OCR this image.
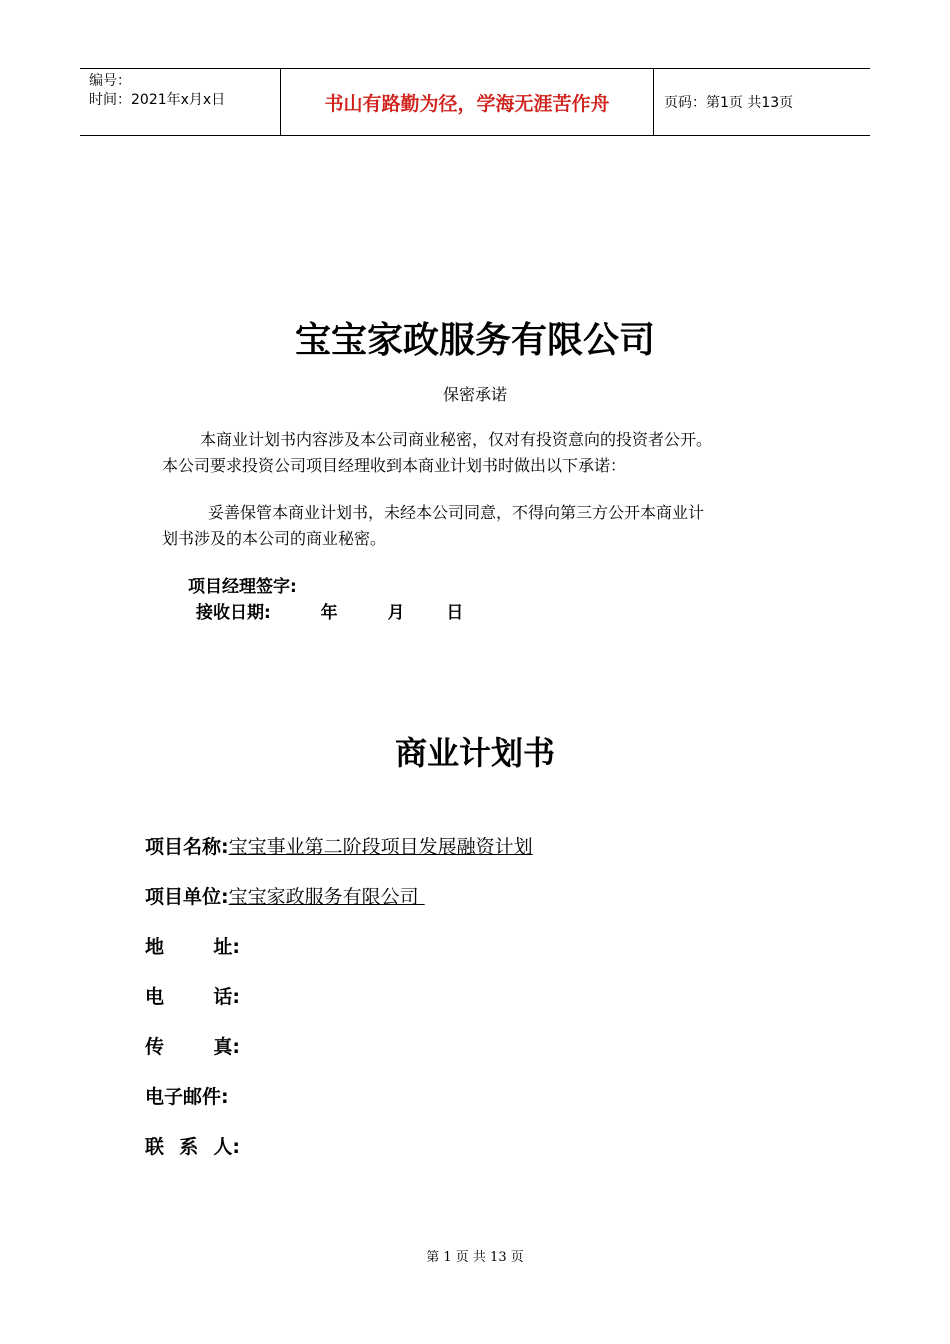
编号：
时间：2021年x月x日	书山有路勤为径，学海无涯苦作舟	页码：第1页 共13页
宝宝家政服务有限公司
保密承诺
本商业计划书内容涉及本公司商业秘密，仅对有投资意向的投资者公开。
本公司要求投资公司项目经理收到本商业计划书时做出以下承诺：
妥善保管本商业计划书，未经本公司同意，不得向第三方公开本商业计
划书涉及的本公司的商业秘密。
项目经理签字:
接收日期:	年	月 日
商业计划书
项目名称: 宝宝事业第二阶段项目发展融资计划
项目单位: 宝宝家政服务有限公司
地	址:
电	话:
传	真:
电子邮件:
联 系 人:
第 1 页 共 13 页
